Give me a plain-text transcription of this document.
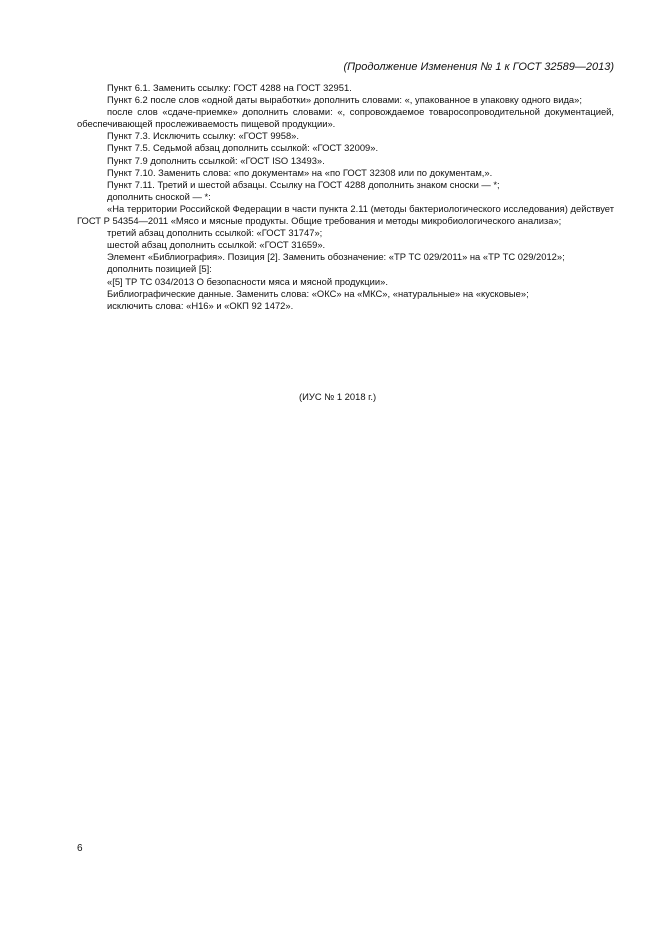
(Продолжение Изменения № 1 к ГОСТ 32589—2013)

Пункт 6.1. Заменить ссылку: ГОСТ 4288 на ГОСТ 32951.

Пункт 6.2 после слов «одной даты выработки» дополнить словами: «, упакованное в упаковку одного вида»;

после слов «сдаче-приемке» дополнить словами: «, сопровождаемое товаросопроводительной документацией, обеспечивающей прослеживаемость пищевой продукции».

Пункт 7.3. Исключить ссылку: «ГОСТ 9958».

Пункт 7.5. Седьмой абзац дополнить ссылкой: «ГОСТ 32009».

Пункт 7.9 дополнить ссылкой: «ГОСТ ISO 13493».

Пункт 7.10. Заменить слова: «по документам» на «по ГОСТ 32308 или по документам,».

Пункт 7.11. Третий и шестой абзацы. Ссылку на ГОСТ 4288 дополнить знаком сноски — *;

дополнить сноской — *:

«На территории Российской Федерации в части пункта 2.11 (методы бактериологического исследования) действует ГОСТ Р 54354—2011 «Мясо и мясные продукты. Общие требования и методы микробиологического анализа»;

третий абзац дополнить ссылкой: «ГОСТ 31747»;

шестой абзац дополнить ссылкой: «ГОСТ 31659».

Элемент «Библиография». Позиция [2]. Заменить обозначение: «ТР ТС 029/2011» на «ТР ТС 029/2012»;

дополнить позицией [5]:

«[5] ТР ТС 034/2013 О безопасности мяса и мясной продукции».

Библиографические данные. Заменить слова: «ОКС» на «МКС», «натуральные» на «кусковые»;

исключить слова: «Н16» и «ОКП 92 1472».

(ИУС № 1 2018 г.)
6
